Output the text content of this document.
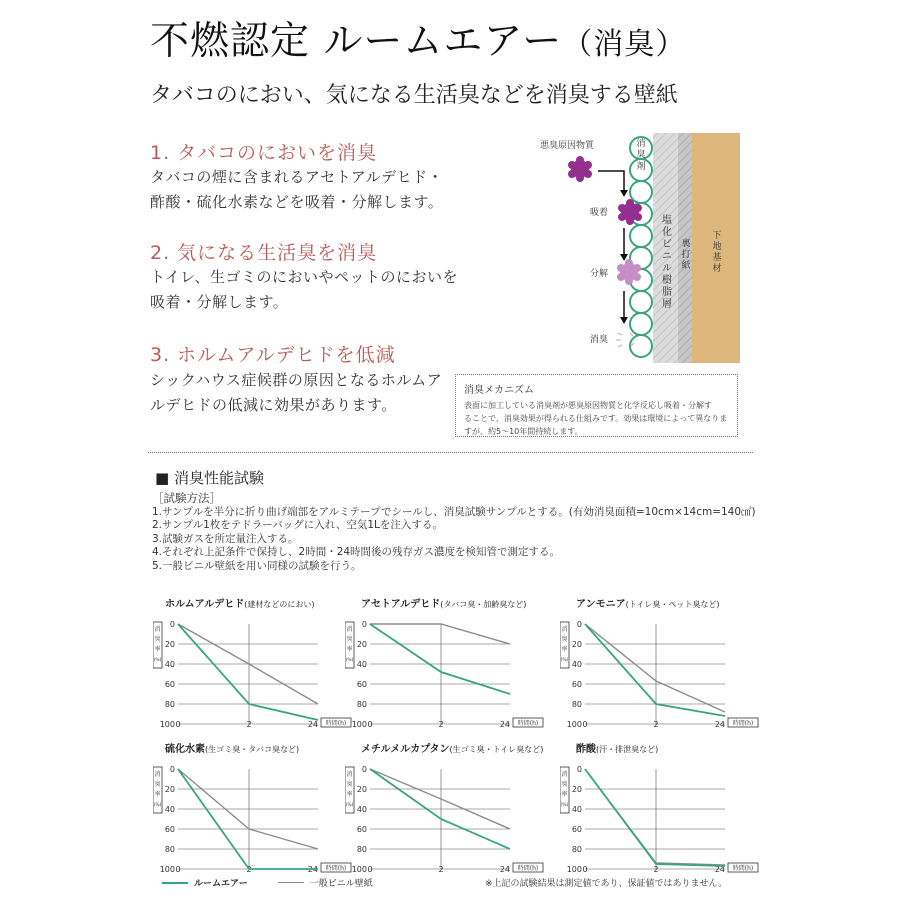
不燃認定 ルームエアー（消臭）
タバコのにおい、気になる生活臭などを消臭する壁紙
1. タバコのにおいを消臭
タバコの煙に含まれるアセトアルデヒド・
酢酸・硫化水素などを吸着・分解します。
2. 気になる生活臭を消臭
トイレ、生ゴミのにおいやペットのにおいを
吸着・分解します。
3. ホルムアルデヒドを低減
シックハウス症候群の原因となるホルムア
ルデヒドの低減に効果があります。
消
臭
剤
塩
化
ビ
ニ
ル
樹
脂
層
裏
打
紙
下
地
基
材
悪臭原因物質
吸着
分解
消臭
消臭メカニズム
表面に加工している消臭剤が悪臭原因物質と化学反応し吸着・分解す
ることで、消臭効果が得られる仕組みです。効果は環境によって異なりま
すが、約5〜10年間持続します。
■ 消臭性能試験
［試験方法］
1.サンプルを半分に折り曲げ端部をアルミテープでシールし、消臭試験サンプルとする。(有効消臭面積=10cm×14cm=140㎠)
2.サンプル1枚をテドラーバッグに入れ、空気1Lを注入する。
3.試験ガスを所定量注入する。
4.それぞれ上記条件で保持し、2時間・24時間後の残存ガス濃度を検知管で測定する。
5.一般ビニル壁紙を用い同様の試験を行う。
ホルムアルデヒド(建材などのにおい)
消
臭
率
(%)
0
20
40
60
80
100 0	2	24 時間(h)
アセトアルデヒド(タバコ臭・加齢臭など)
消
臭
率
(%)
0
20
40
60
80
100 0	2	24 時間(h)
アンモニア(トイレ臭・ペット臭など)
消
臭
率
(%)
0
20
40
60
80
100 0	2	24 時間(h)
硫化水素(生ゴミ臭・タバコ臭など)
消
臭
率
(%)
0
20
40
60
80
100 0	2	24 時間(h)
メチルメルカプタン(生ゴミ臭・トイレ臭など)
消
臭
率
(%)
0
20
40
60
80
100 0	2	24 時間(h)
酢酸(汗・排泄臭など)
消
臭
率
(%)
0
20
40
60
80
100 0	2	24 時間(h)
ルームエアー	一般ビニル壁紙	※上記の試験結果は測定値であり、保証値ではありません。
